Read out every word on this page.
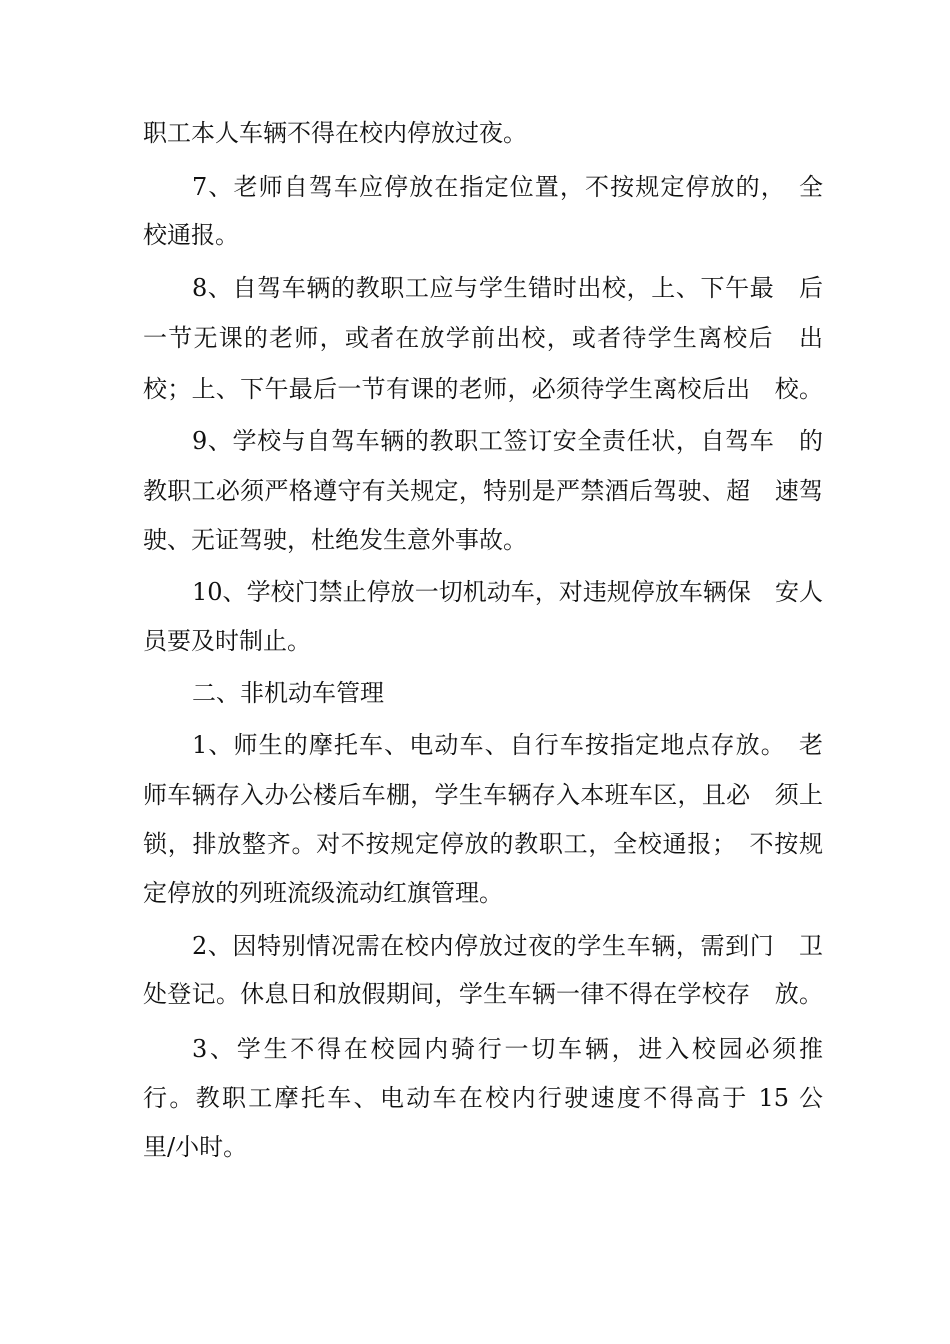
职工本人车辆不得在校内停放过夜。
7、老师自驾车应停放在指定位置，不按规定停放的，　全
校通报。
8、自驾车辆的教职工应与学生错时出校，上、下午最　后
一节无课的老师，或者在放学前出校，或者待学生离校后　出
校；上、下午最后一节有课的老师，必须待学生离校后出　校。
9、学校与自驾车辆的教职工签订安全责任状，自驾车　的
教职工必须严格遵守有关规定，特别是严禁酒后驾驶、超　速驾
驶、无证驾驶，杜绝发生意外事故。
10、学校门禁止停放一切机动车，对违规停放车辆保　安人
员要及时制止。
二、非机动车管理
1、师生的摩托车、电动车、自行车按指定地点存放。　老
师车辆存入办公楼后车棚，学生车辆存入本班车区，且必　须上
锁，排放整齐。对不按规定停放的教职工，全校通报；　不按规
定停放的列班流级流动红旗管理。
2、因特别情况需在校内停放过夜的学生车辆，需到门　卫
处登记。休息日和放假期间，学生车辆一律不得在学校存　放。
3、学生不得在校园内骑行一切车辆，进入校园必须推
行。教职工摩托车、电动车在校内行驶速度不得高于 15 公
里/小时。
